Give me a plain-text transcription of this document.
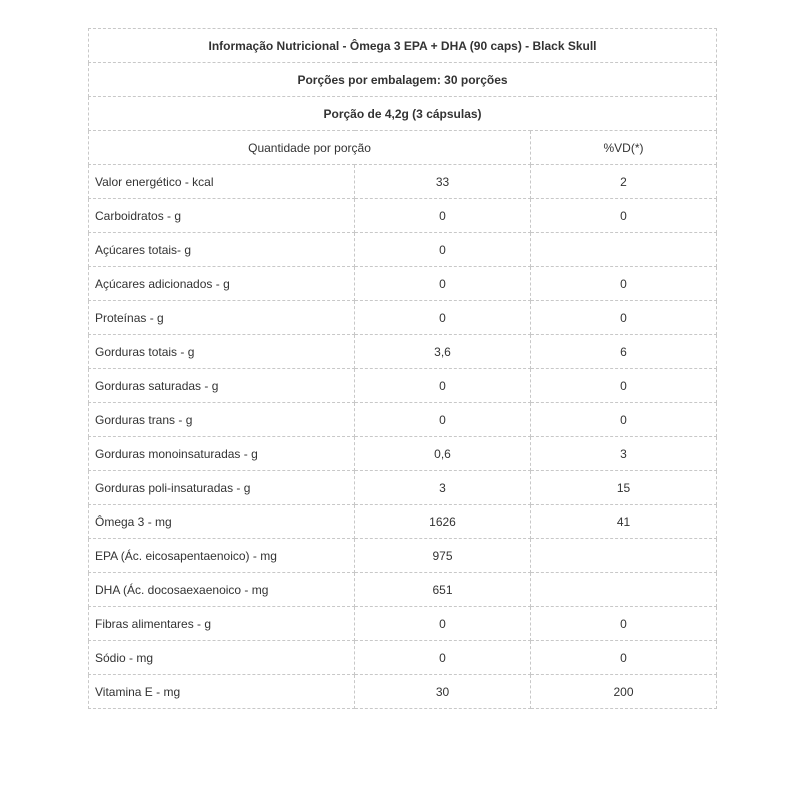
Informação Nutricional - Ômega 3 EPA + DHA (90 caps) - Black Skull		
Porções por embalagem: 30 porções		
Porção de 4,2g (3 cápsulas)		
Quantidade por porção		%VD(*)
Valor energético - kcal	33	2
Carboidratos - g	0	0
Açúcares totais- g	0	
Açúcares adicionados - g	0	0
Proteínas - g	0	0
Gorduras totais - g	3,6	6
Gorduras saturadas - g	0	0
Gorduras trans - g	0	0
Gorduras monoinsaturadas - g	0,6	3
Gorduras poli-insaturadas - g	3	15
Ômega 3 - mg	1626	41
EPA (Ác. eicosapentaenoico) - mg	975	
DHA (Ác. docosaexaenoico - mg	651	
Fibras alimentares - g	0	0
Sódio - mg	0	0
Vitamina E - mg	30	200
